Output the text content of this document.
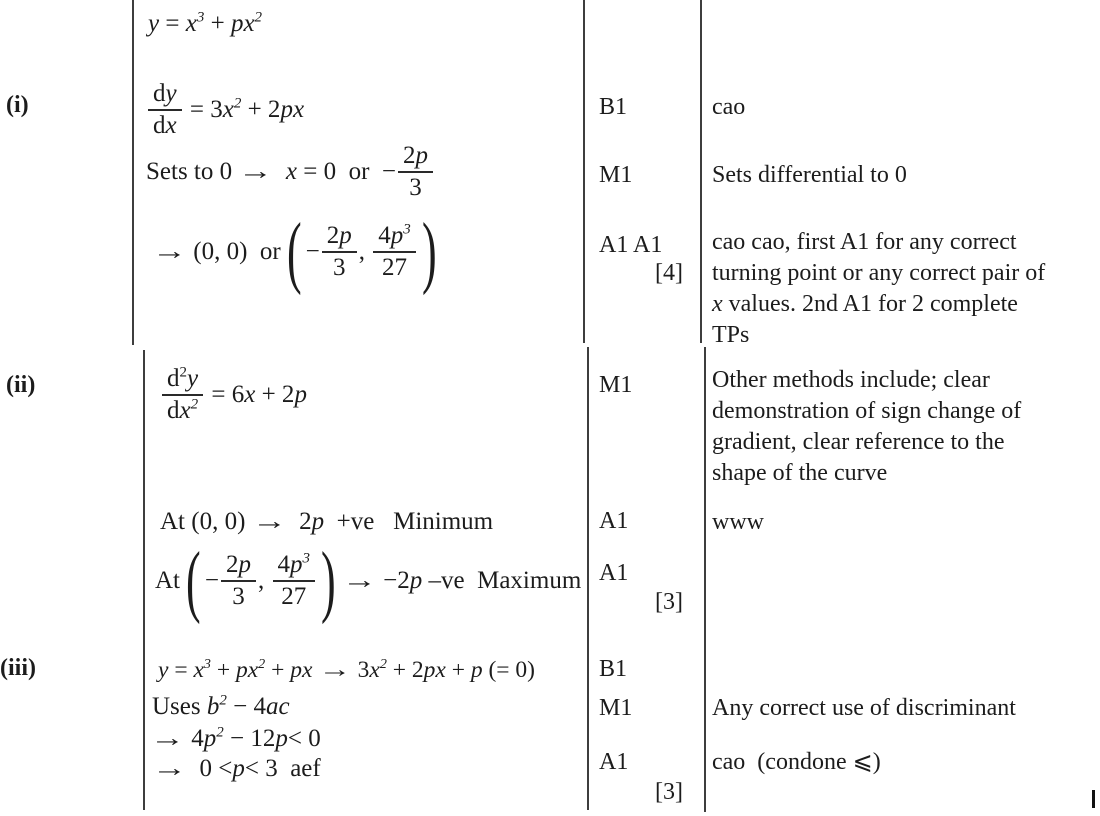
(i)
(ii)
(iii)
$y = x^3 + px^2$
$\frac{dy}{dx} = 3$ $x^2 + 2$ px
Sets to 0 →
x = 0  or  − $\frac{2p}{3}$
→ (0, 0)  or ( − $\frac{2p}{3}$ , $\frac{4p^3}{27}$ )
$\frac{d^2y}{dx^2} = 6$ x + 2 p
At (0, 0) → 2 p +ve   Minimum
At ( − $\frac{2p}{3}$ , $\frac{4p^3}{27}$ )
→ −2 p –ve  Maximum
$y = x^3 + px^2$ + px
→ 3 $x^2 + 2$ px + p (= 0)
Uses $b^2 - 4$ ac
→ 4 $p^2 - 12$ p < 0
→ 0 < p < 3  aef
B1
M1
A1 A1
[4]
M1
A1
A1
[3]
B1
M1
A1
[3]
cao
Sets differential to 0
cao cao, first A1 for any correct
turning point or any correct pair of
x values. 2nd A1 for 2 complete
TPs
Other methods include; clear
demonstration of sign change of
gradient, clear reference to the
shape of the curve
www
Any correct use of discriminant
cao  (condone ⩽)
